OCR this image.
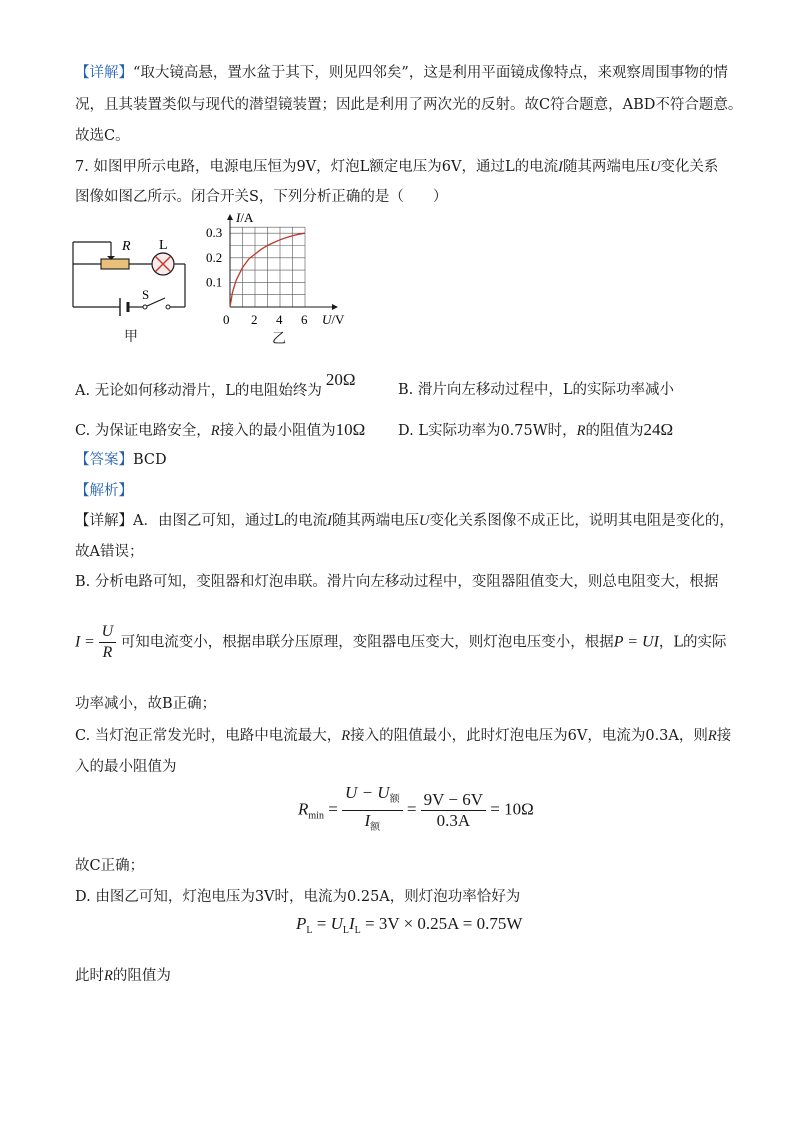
【详解】“取大镜高悬，置水盆于其下，则见四邻矣”，这是利用平面镜成像特点，来观察周围事物的情
况，且其装置类似与现代的潜望镜装置；因此是利用了两次光的反射。故C符合题意，ABD不符合题意。
故选C。
7. 如图甲所示电路，电源电压恒为9V，灯泡L额定电压为6V，通过L的电流I随其两端电压U变化关系
图像如图乙所示。闭合开关S，下列分析正确的是（　　）
R L
S
甲
2 4 6
0.1
0.2
0.3
0
I/A
U/V
乙
A. 无论如何移动滑片，L的电阻始终为20Ω
B. 滑片向左移动过程中，L的实际功率减小
C. 为保证电路安全，R接入的最小阻值为10Ω D. L实际功率为0.75W时，R的阻值为24Ω
【答案】BCD
【解析】
【详解】A．由图乙可知，通过L的电流I随其两端电压U变化关系图像不成正比，说明其电阻是变化的，
故A错误；
B. 分析电路可知，变阻器和灯泡串联。滑片向左移动过程中，变阻器阻值变大，则总电阻变大，根据
$I = \frac{U}{R}$ 可知电流变小，根据串联分压原理，变阻器电压变大，则灯泡电压变小，根据P = UI，L的实际
功率减小，故B正确；
C. 当灯泡正常发光时，电路中电流最大，R接入的阻值最小，此时灯泡电压为6V，电流为0.3A，则R接
入的最小阻值为
$R_{min} = \frac{U - U_额}{I_额} = \frac{9V - 6V}{0.3A} = 10\Omega$
故C正确；
D. 由图乙可知，灯泡电压为3V时，电流为0.25A，则灯泡功率恰好为
$P_L = U_LI_L = 3V \times 0.25A = 0.75W$
此时R的阻值为
